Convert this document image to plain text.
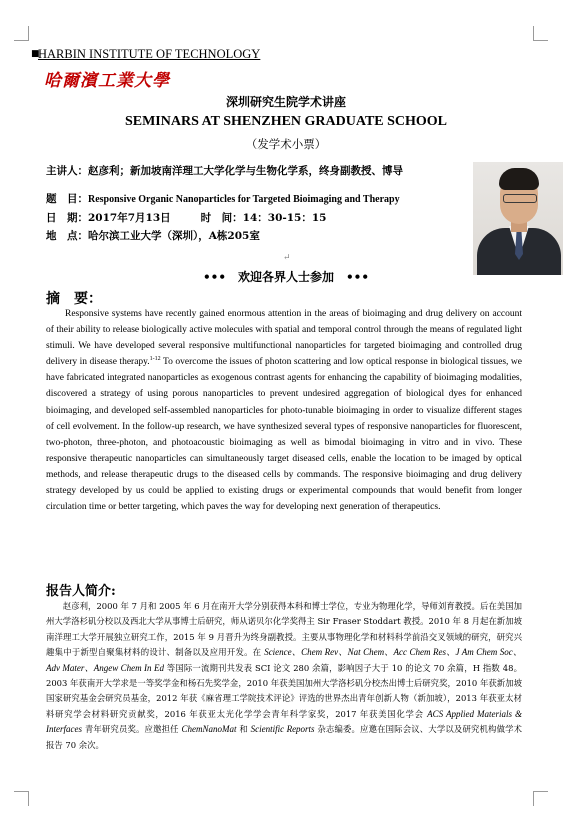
■
HARBIN INSTITUTE OF TECHNOLOGY
哈爾濱工業大學
深圳研究生院学术讲座
SEMINARS AT SHENZHEN GRADUATE SCHOOL
（发学术小票）
主讲人：赵彦利；新加坡南洋理工大学化学与生物化学系，终身副教授、博导
题　目：Responsive Organic Nanoparticles for Targeted Bioimaging and Therapy
日　期：2017年7月13日	时　间：14：30-15：15
地　点：哈尔滨工业大学（深圳），A栋205室
↵
•••　欢迎各界人士参加　•••
摘　要：
Responsive systems have recently gained enormous attention in the areas of bioimaging and drug delivery on account of their ability to release biologically active molecules with spatial and temporal control through the means of regulated light stimuli. We have developed several responsive multifunctional nanoparticles for targeted bioimaging and controlled drug delivery in disease therapy.$^{1-12}$ To overcome the issues of photon scattering and low optical response in biological tissues, we have fabricated integrated nanoparticles as exogenous contrast agents for enhancing the capability of bioimaging modalities, discovered a strategy of using porous nanoparticles to prevent undesired aggregation of biological dyes for enhanced bioimaging, and developed self-assembled nanoparticles for photo-tunable bioimaging in order to visualize different stages of cell evolvement. In the follow-up research, we have synthesized several types of responsive nanoparticles for fluorescent, two-photon, three-photon, and photoacoustic bioimaging as well as bimodal bioimaging in vitro and in vivo. These responsive therapeutic nanoparticles can simultaneously target diseased cells, enable the location to be imaged by optical methods, and release therapeutic drugs to the diseased cells by commands. The responsive bioimaging and drug delivery strategy developed by us could be applied to existing drugs or experimental compounds that would benefit from longer circulation time or better targeting, which paves the way for developing next generation of therapeutics.
报告人简介:
赵彦利，2000 年 7 月和 2005 年 6 月在南开大学分别获得本科和博士学位，专业为物理化学，导师刘育教授。后在美国加州大学洛杉矶分校以及西北大学从事博士后研究，师从诺贝尔化学奖得主 Sir Fraser Stoddart 教授。2010 年 8 月起在新加坡南洋理工大学开展独立研究工作，2015 年 9 月晋升为终身副教授。主要从事物理化学和材料科学前沿交叉领域的研究，研究兴趣集中于新型自聚集材料的设计、制备以及应用开发。在 Science、Chem Rev、Nat Chem、Acc Chem Res、J Am Chem Soc、Adv Mater、Angew Chem In Ed 等国际一流期刊共发表 SCI 论文 280 余篇，影响因子大于 10 的论文 70 余篇，H 指数 48。2003 年获南开大学求是一等奖学金和杨石先奖学金，2010 年获美国加州大学洛杉矶分校杰出博士后研究奖，2010 年获新加坡国家研究基金会研究员基金，2012 年获《麻省理工学院技术评论》评选的世界杰出青年创新人物（新加坡），2013 年获亚太材料研究学会材料研究贡献奖，2016 年获亚太光化学学会青年科学家奖，2017 年获美国化学会 ACS Applied Materials & Interfaces 青年研究员奖。应邀担任 ChemNanoMat 和 Scientific Reports 杂志编委。应邀在国际会议、大学以及研究机构做学术报告 70 余次。
